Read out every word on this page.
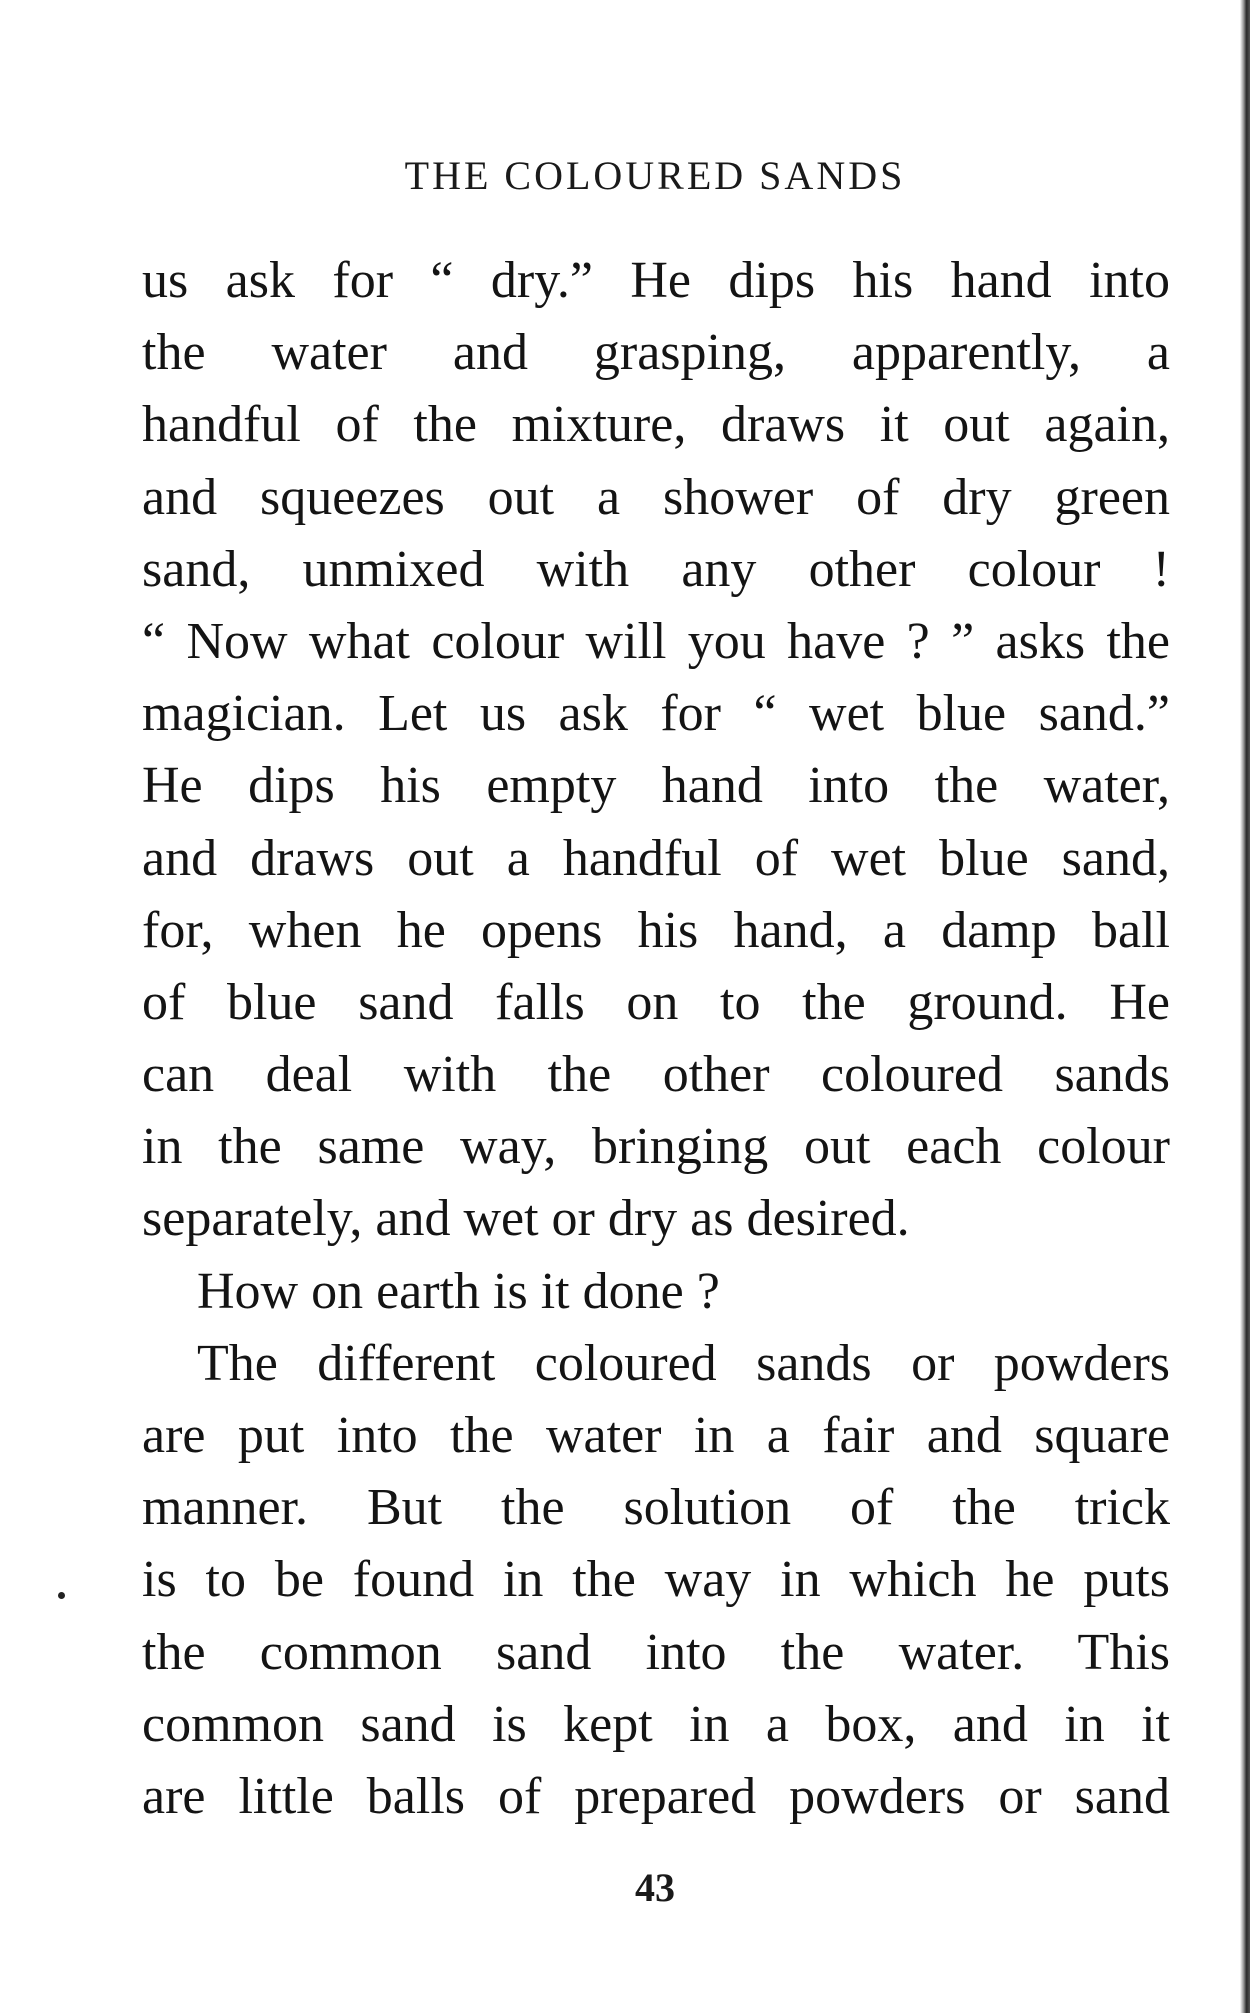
THE COLOURED SANDS
us ask for “ dry.” He dips his hand into
the water and grasping, apparently, a
handful of the mixture, draws it out again,
and squeezes out a shower of dry green
sand, unmixed with any other colour !
“ Now what colour will you have ? ” asks the
magician. Let us ask for “ wet blue sand.”
He dips his empty hand into the water,
and draws out a handful of wet blue sand,
for, when he opens his hand, a damp ball
of blue sand falls on to the ground. He
can deal with the other coloured sands
in the same way, bringing out each colour
separately, and wet or dry as desired.
How on earth is it done ?
The different coloured sands or powders
are put into the water in a fair and square
manner. But the solution of the trick
is to be found in the way in which he puts
the common sand into the water. This
common sand is kept in a box, and in it
are little balls of prepared powders or sand
43
